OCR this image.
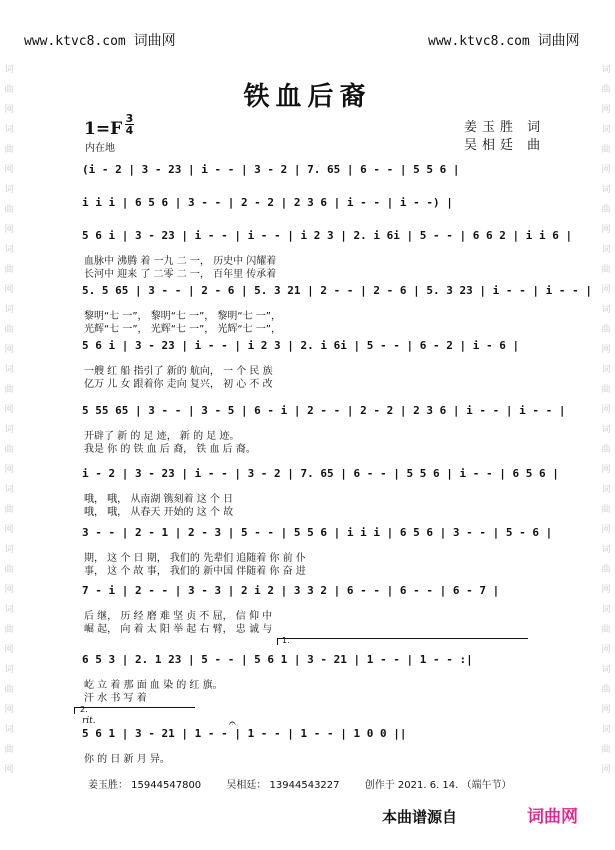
词曲网词曲网词曲网词曲网词曲网词曲网词曲网词曲网词曲网词曲网词曲网词曲网
词曲网词曲网词曲网词曲网词曲网词曲网词曲网词曲网词曲网词曲网词曲网词曲网
www.ktvc8.com 词曲网	www.ktvc8.com 词曲网
铁血后裔
1=F
3
4
内在地
姜玉胜 词
吴相廷 曲
(i - 2 | 3 - 23 | i - - | 3 - 2 | 7. 65 | 6 - - | 5 5 6 |
i i i | 6 5 6 | 3 - - | 2 - 2 | 2 3 6 | i - - | i - -) |
5 6 i | 3 - 23 | i - - | i - - | i 2 3 | 2. i 6i | 5 - - | 6 6 2 | i i 6 |
血脉中 沸腾 着 一九 二 一， 历史中 闪耀着
长河中 迎来 了 二零 二 一， 百年里 传承着
5. 5 65 | 3 - - | 2 - 6 | 5. 3 21 | 2 - - | 2 - 6 | 5. 3 23 | i - - | i - - |
黎明“七 一”， 黎明“七 一”， 黎明“七 一”，
光辉“七 一”， 光辉“七 一”， 光辉“七 一”，
5 6 i | 3 - 23 | i - - | i 2 3 | 2. i 6i | 5 - - | 6 - 2 | i - 6 |
一艘 红 船 指引了 新的 航向， 一 个 民 族
亿万 儿 女 跟着你 走向 复兴， 初 心 不 改
5 55 65 | 3 - - | 3 - 5 | 6 - i | 2 - - | 2 - 2 | 2 3 6 | i - - | i - - |
开辟了 新 的 足 迹， 新 的 足 迹。
我是 你 的 铁 血 后 裔， 铁 血 后 裔。
i - 2 | 3 - 23 | i - - | 3 - 2 | 7. 65 | 6 - - | 5 5 6 | i - - | 6 5 6 |
哦， 哦， 从南湖 镌刻着 这 个 日
哦， 哦， 从春天 开始的 这 个 故
3 - - | 2 - 1 | 2 - 3 | 5 - - | 5 5 6 | i i i | 6 5 6 | 3 - - | 5 - 6 |
期， 这 个 日 期， 我们的 先辈们 追随着 你 前 仆
事， 这 个 故 事， 我们的 新中国 伴随着 你 奋 进
7 - i | 2 - - | 3 - 3 | 2 i 2 | 3 3 2 | 6 - - | 6 - - | 6 - 7 |
后 继， 历 经 磨 难 坚 贞 不 屈， 信 仰 中
崛 起， 向 着 太 阳 举 起 右 臂， 忠 诚 与
6 5 3 | 2. 1 23 | 5 - - | 5 6 1 | 3 - 21 | 1 - - | 1 - - :|
屹 立 着 那 面 血 染 的 红 旗。
汗 水 书 写 着
5 6 1 | 3 - 21 | 1 - - | 1 - - | 1 - - | 1 0 0 ||
你 的 日 新 月 异。
1.
2.
rit.	𝄐
姜玉胜： 15944547800	吴相廷： 13944543227	创作于 2021. 6. 14. （端午节）
本曲谱源自	词曲网
